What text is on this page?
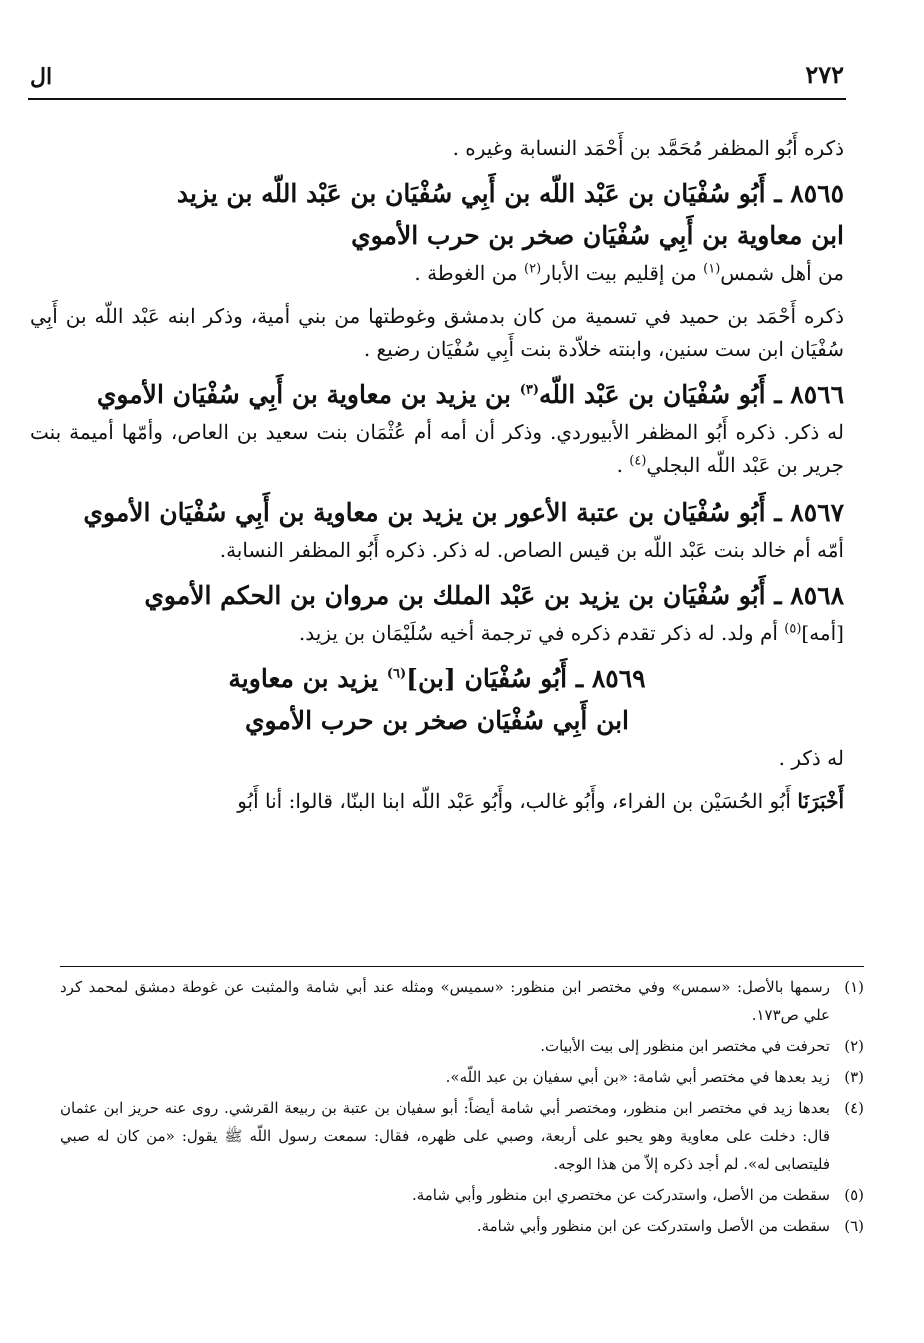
٢٧٢
ال

ذكره أَبُو المظفر مُحَمَّد بن أَحْمَد النسابة وغيره .

٨٥٦٥ ـ أَبُو سُفْيَان بن عَبْد اللّه بن أَبِي سُفْيَان بن عَبْد اللّه بن يزيد
ابن معاوية بن أَبِي سُفْيَان صخر بن حرب الأموي

من أهل شمس$^{(١)}$ من إقليم بيت الأبار$^{(٢)}$ من الغوطة .

ذكره أَحْمَد بن حميد في تسمية من كان بدمشق وغوطتها من بني أمية، وذكر ابنه عَبْد اللّه بن أَبِي سُفْيَان ابن ست سنين، وابنته خلاّدة بنت أَبِي سُفْيَان رضيع .

٨٥٦٦ ـ أَبُو سُفْيَان بن عَبْد اللّه$^{(٣)}$ بن يزيد بن معاوية بن أَبِي سُفْيَان الأموي

له ذكر. ذكره أَبُو المظفر الأبيوردي. وذكر أن أمه أم عُثْمَان بنت سعيد بن العاص، وأمّها أميمة بنت جرير بن عَبْد اللّه البجلي$^{(٤)}$ .

٨٥٦٧ ـ أَبُو سُفْيَان بن عتبة الأعور بن يزيد بن معاوية بن أَبِي سُفْيَان الأموي

أمّه أم خالد بنت عَبْد اللّه بن قيس الصاص. له ذكر. ذكره أَبُو المظفر النسابة.

٨٥٦٨ ـ أَبُو سُفْيَان بن يزيد بن عَبْد الملك بن مروان بن الحكم الأموي

[أمه]$^{(٥)}$ أم ولد. له ذكر تقدم ذكره في ترجمة أخيه سُلَيْمَان بن يزيد.

٨٥٦٩ ـ أَبُو سُفْيَان [بن]$^{(٦)}$ يزيد بن معاوية
ابن أَبِي سُفْيَان صخر بن حرب الأموي

له ذكر .

أَخْبَرَنَا أَبُو الحُسَيْن بن الفراء، وأَبُو غالب، وأَبُو عَبْد اللّه ابنا البنّا، قالوا: أنا أَبُو

(١)
رسمها بالأصل: «سمس» وفي مختصر ابن منظور: «سميس» ومثله عند أبي شامة والمثبت عن غوطة دمشق لمحمد كرد علي ص١٧٣.
(٢)
تحرفت في مختصر ابن منظور إلى بيت الأبيات.
(٣)
زيد بعدها في مختصر أبي شامة: «بن أبي سفيان بن عبد اللّه».
(٤)
بعدها زيد في مختصر ابن منظور، ومختصر أبي شامة أيضاً: أبو سفيان بن عتبة بن ربيعة القرشي. روى عنه حريز ابن عثمان قال: دخلت على معاوية وهو يحبو على أربعة، وصبي على ظهره، فقال: سمعت رسول اللّه ﷺ يقول: «من كان له صبي فليتصابى له». لم أجد ذكره إلاّ من هذا الوجه.
(٥)
سقطت من الأصل، واستدركت عن مختصري ابن منظور وأبي شامة.
(٦)
سقطت من الأصل واستدركت عن ابن منظور وأبي شامة.
